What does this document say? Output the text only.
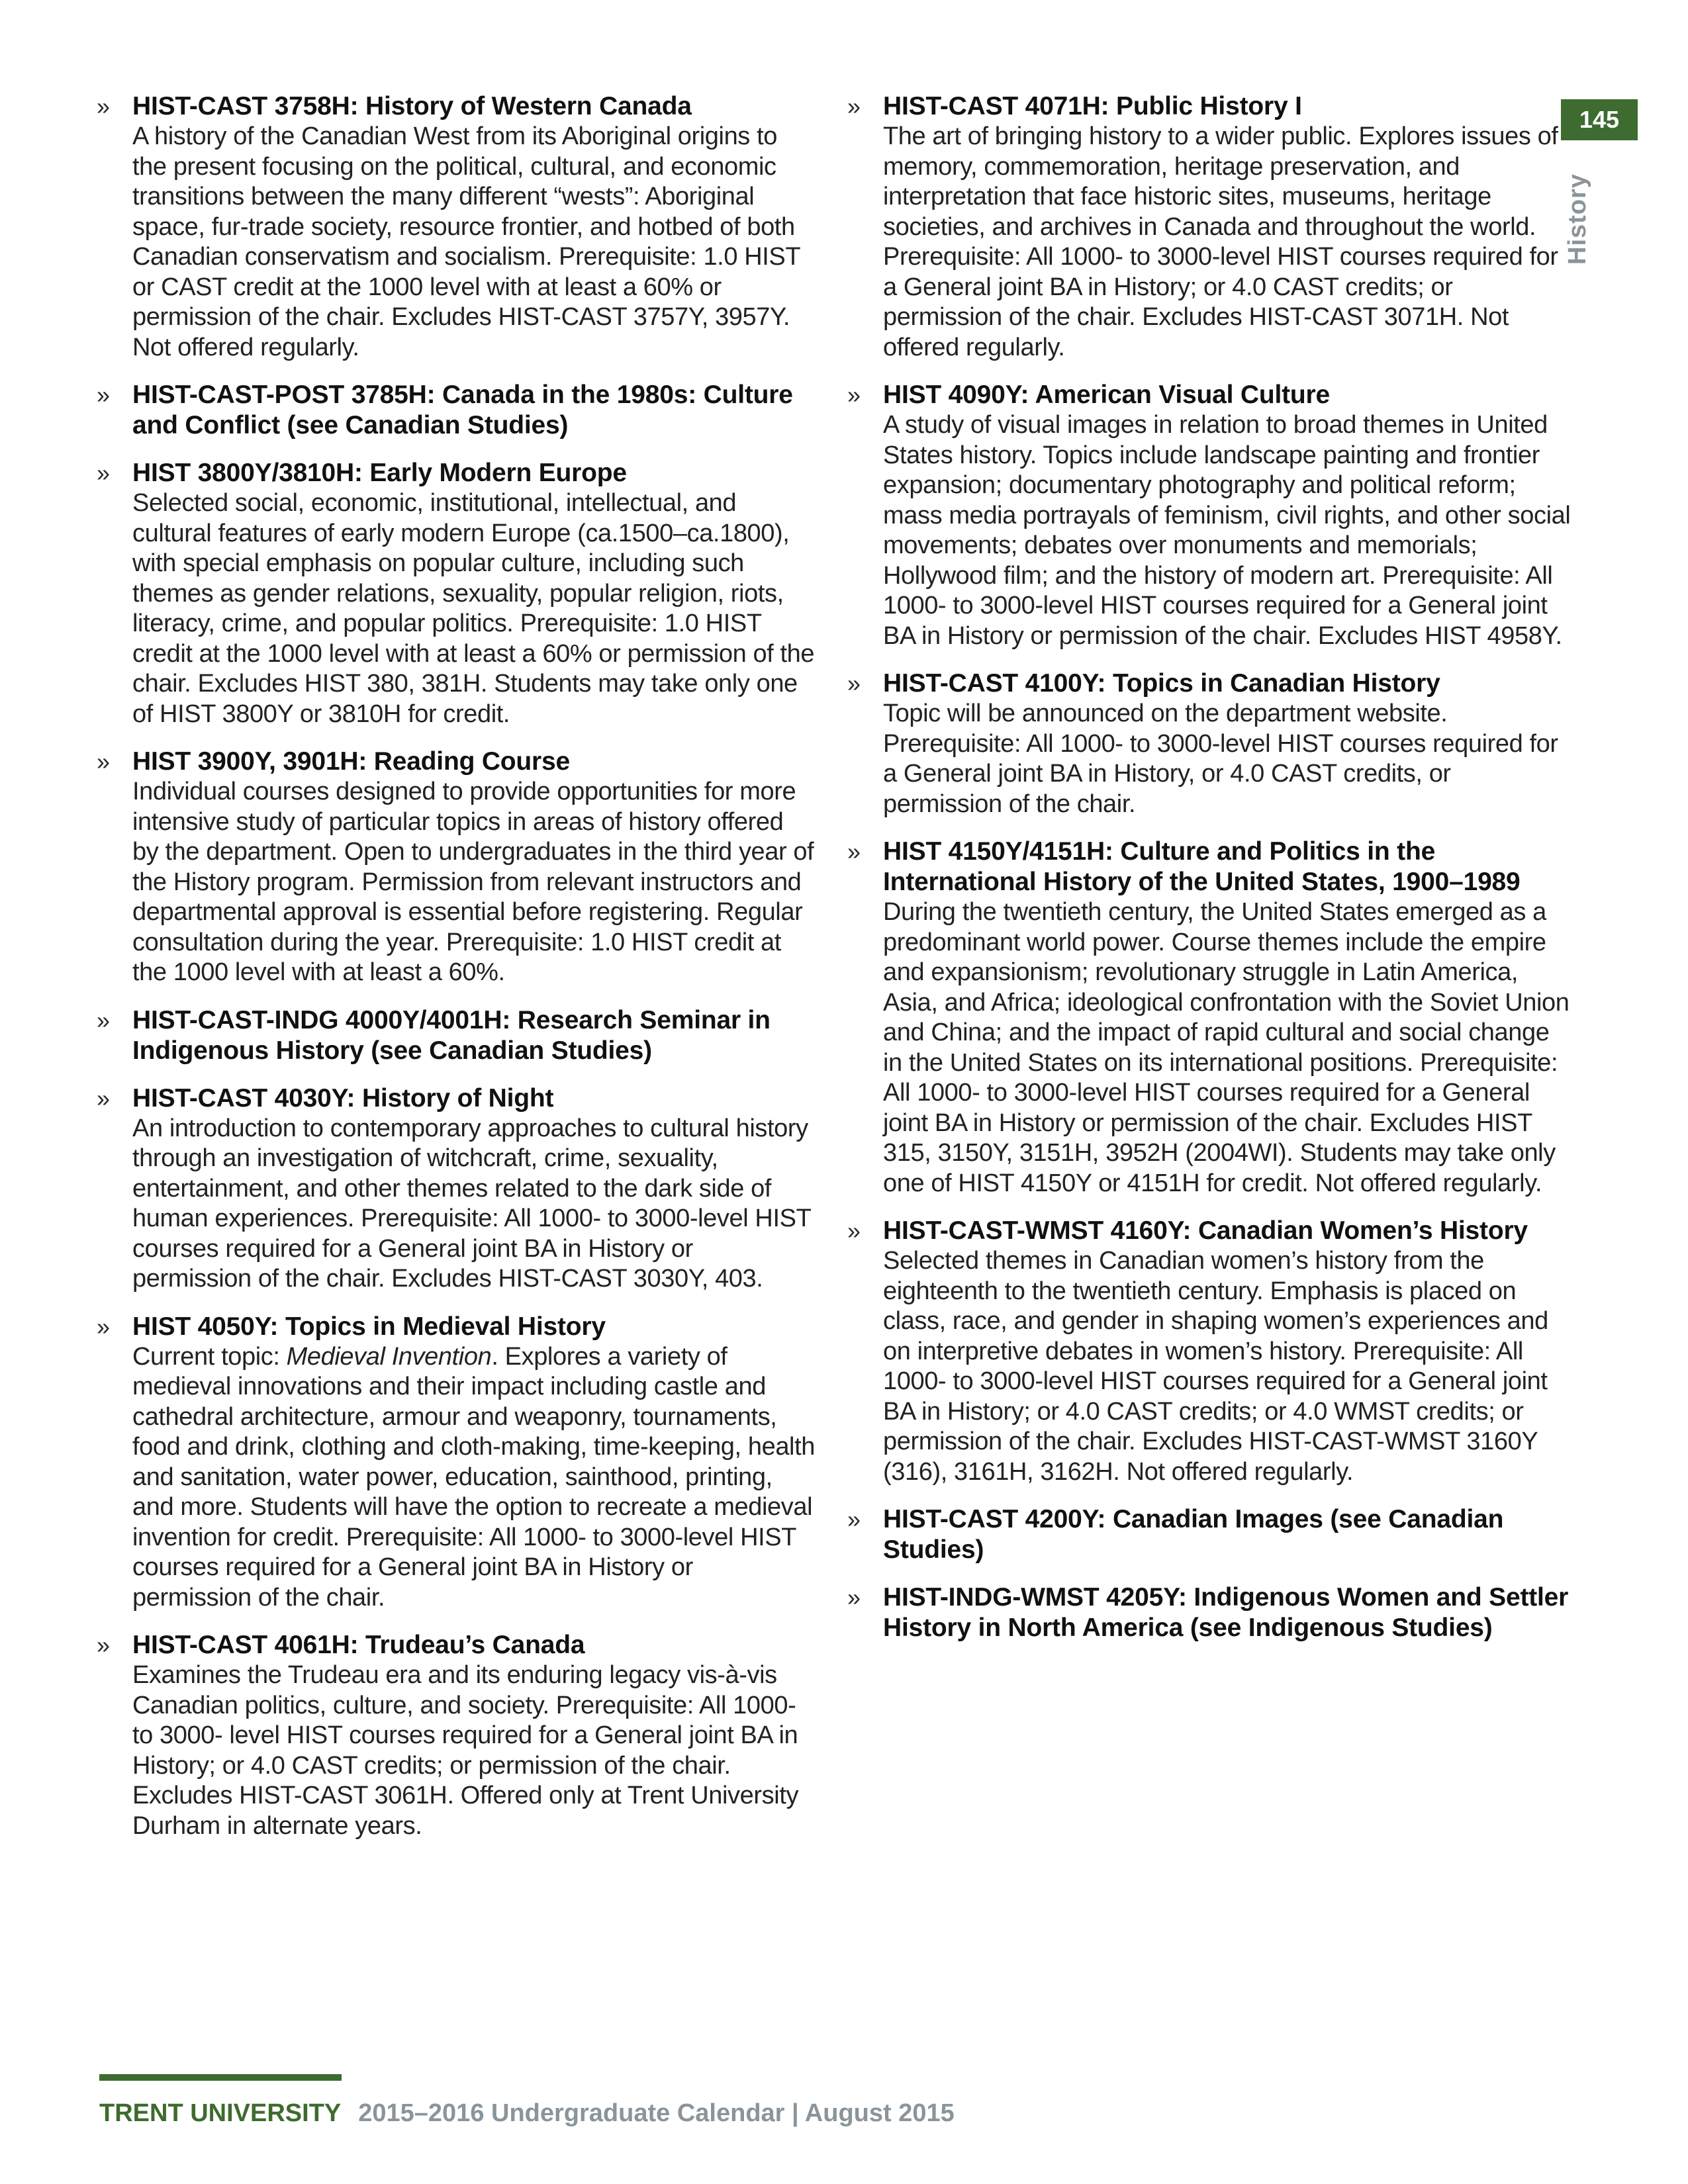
» HIST-CAST 3758H: History of Western Canada
A history of the Canadian West from its Aboriginal origins to the present focusing on the political, cultural, and economic transitions between the many different “wests”: Aboriginal space, fur-trade society, resource frontier, and hotbed of both Canadian conservatism and socialism. Prerequisite: 1.0 HIST or CAST credit at the 1000 level with at least a 60% or permission of the chair. Excludes HIST-CAST 3757Y, 3957Y. Not offered regularly.
» HIST-CAST-POST 3785H: Canada in the 1980s: Culture and Conflict (see Canadian Studies)
» HIST 3800Y/3810H: Early Modern Europe
Selected social, economic, institutional, intellectual, and cultural features of early modern Europe (ca.1500–ca.1800), with special emphasis on popular culture, including such themes as gender relations, sexuality, popular religion, riots, literacy, crime, and popular politics. Prerequisite: 1.0 HIST credit at the 1000 level with at least a 60% or permission of the chair. Excludes HIST 380, 381H. Students may take only one of HIST 3800Y or 3810H for credit.
» HIST 3900Y, 3901H: Reading Course
Individual courses designed to provide opportunities for more intensive study of particular topics in areas of history offered by the department. Open to undergraduates in the third year of the History program. Permission from relevant instructors and departmental approval is essential before registering. Regular consultation during the year. Prerequisite: 1.0 HIST credit at the 1000 level with at least a 60%.
» HIST-CAST-INDG 4000Y/4001H: Research Seminar in Indigenous History (see Canadian Studies)
» HIST-CAST 4030Y: History of Night
An introduction to contemporary approaches to cultural history through an investigation of witchcraft, crime, sexuality, entertainment, and other themes related to the dark side of human experiences. Prerequisite: All 1000- to 3000-level HIST courses required for a General joint BA in History or permission of the chair. Excludes HIST-CAST 3030Y, 403.
» HIST 4050Y: Topics in Medieval History
Current topic: Medieval Invention. Explores a variety of medieval innovations and their impact including castle and cathedral architecture, armour and weaponry, tournaments, food and drink, clothing and cloth-making, time-keeping, health and sanitation, water power, education, sainthood, printing, and more. Students will have the option to recreate a medieval invention for credit. Prerequisite: All 1000- to 3000-level HIST courses required for a General joint BA in History or permission of the chair.
» HIST-CAST 4061H: Trudeau’s Canada
Examines the Trudeau era and its enduring legacy vis-à-vis Canadian politics, culture, and society. Prerequisite: All 1000- to 3000- level HIST courses required for a General joint BA in History; or 4.0 CAST credits; or permission of the chair. Excludes HIST-CAST 3061H. Offered only at Trent University Durham in alternate years.
» HIST-CAST 4071H: Public History I
The art of bringing history to a wider public. Explores issues of memory, commemoration, heritage preservation, and interpretation that face historic sites, museums, heritage societies, and archives in Canada and throughout the world. Prerequisite: All 1000- to 3000-level HIST courses required for a General joint BA in History; or 4.0 CAST credits; or permission of the chair. Excludes HIST-CAST 3071H. Not offered regularly.
» HIST 4090Y: American Visual Culture
A study of visual images in relation to broad themes in United States history. Topics include landscape painting and frontier expansion; documentary photography and political reform; mass media portrayals of feminism, civil rights, and other social movements; debates over monuments and memorials; Hollywood film; and the history of modern art. Prerequisite: All 1000- to 3000-level HIST courses required for a General joint BA in History or permission of the chair. Excludes HIST 4958Y.
» HIST-CAST 4100Y: Topics in Canadian History
Topic will be announced on the department website. Prerequisite: All 1000- to 3000-level HIST courses required for a General joint BA in History, or 4.0 CAST credits, or permission of the chair.
» HIST 4150Y/4151H: Culture and Politics in the International History of the United States, 1900–1989
During the twentieth century, the United States emerged as a predominant world power. Course themes include the empire and expansionism; revolutionary struggle in Latin America, Asia, and Africa; ideological confrontation with the Soviet Union and China; and the impact of rapid cultural and social change in the United States on its international positions. Prerequisite: All 1000- to 3000-level HIST courses required for a General joint BA in History or permission of the chair. Excludes HIST 315, 3150Y, 3151H, 3952H (2004WI). Students may take only one of HIST 4150Y or 4151H for credit. Not offered regularly.
» HIST-CAST-WMST 4160Y: Canadian Women’s History
Selected themes in Canadian women’s history from the eighteenth to the twentieth century. Emphasis is placed on class, race, and gender in shaping women’s experiences and on interpretive debates in women’s history. Prerequisite: All 1000- to 3000-level HIST courses required for a General joint BA in History; or 4.0 CAST credits; or 4.0 WMST credits; or permission of the chair. Excludes HIST-CAST-WMST 3160Y (316), 3161H, 3162H. Not offered regularly.
» HIST-CAST 4200Y: Canadian Images (see Canadian Studies)
» HIST-INDG-WMST 4205Y: Indigenous Women and Settler History in North America (see Indigenous Studies)
145
History
TRENT UNIVERSITY 2015–2016 Undergraduate Calendar | August 2015
